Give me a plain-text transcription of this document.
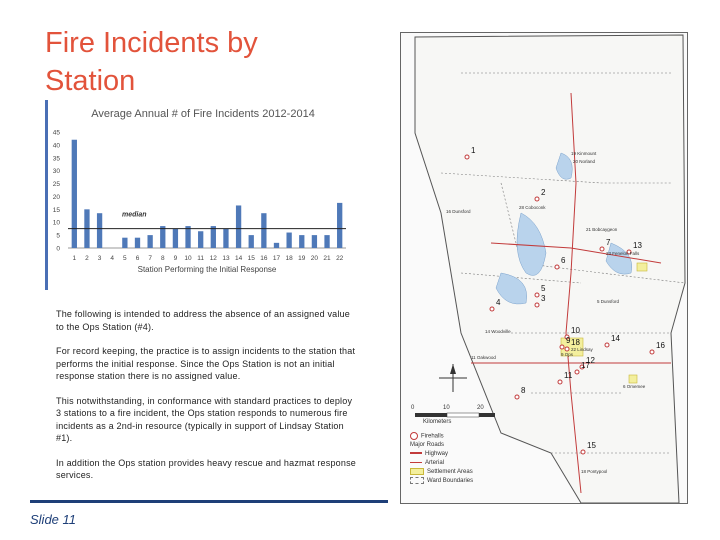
Fire Incidents by
Station
Average Annual # of Fire Incidents 2012-2014
0
5
10
15
20
25
30
35
40
45
1 2 3 4 5 6 7 8 9 10 11 12 13 14 15 16 17 18 19 20 21 22
median
Station Performing the Initial Response

The following is intended to address the absence of an assigned value to the Ops Station (#4).

For record keeping, the practice is to assign incidents to the station that performs the initial response. Since the Ops Station is not an initial response station there is no assigned value.

This notwithstanding, in conformance with standard practices to deploy 3 stations to a fire incident, the Ops station responds to numerous fire incidents as a 2nd-in resource (typically in support of Lindsay Station #1).

In addition the Ops station provides heavy rescue and hazmat response services.

Slide 11
1
2
3
4
5
6
7
8
9
10
11
12
13
14
15
16
17
18
19 Kinmount
20 Norland
28 Coboconk
21 Bobcaygeon
16 Dunsford
14 Woodville
22 Lindsay
11 Oakwood
6 Omemee
18 Pontypool
23 Fenelon Falls
5 Dunsford
9 Ops
0	10	20
Kilometers
Firehalls
Major Roads
Highway
Arterial
Settlement Areas
Ward Boundaries
